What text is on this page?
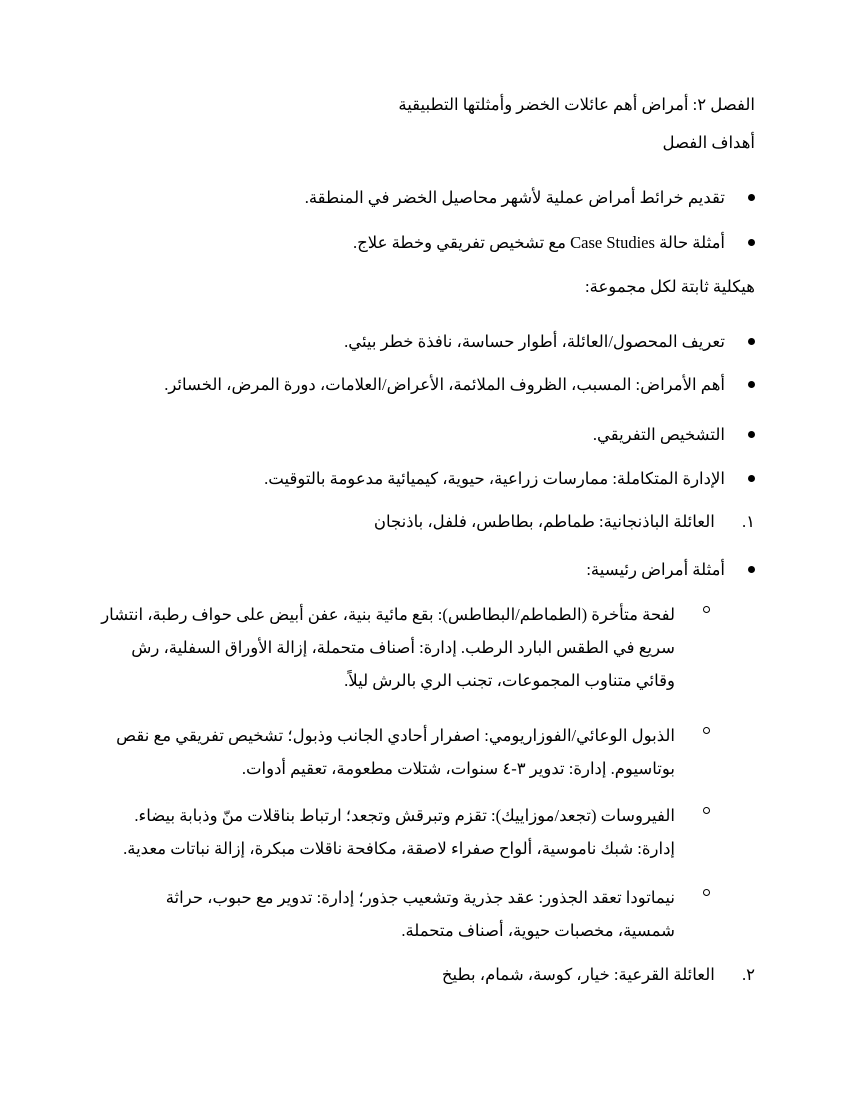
الفصل ٢: أمراض أهم عائلات الخضر وأمثلتها التطبيقية
أهداف الفصل
تقديم خرائط أمراض عملية لأشهر محاصيل الخضر في المنطقة.
أمثلة حالة Case Studies مع تشخيص تفريقي وخطة علاج.
هيكلية ثابتة لكل مجموعة:
تعريف المحصول/العائلة، أطوار حساسة، نافذة خطر بيئي.
أهم الأمراض: المسبب، الظروف الملائمة، الأعراض/العلامات، دورة المرض، الخسائر.
التشخيص التفريقي.
الإدارة المتكاملة: ممارسات زراعية، حيوية، كيميائية مدعومة بالتوقيت.
١. العائلة الباذنجانية: طماطم، بطاطس، فلفل، باذنجان
أمثلة أمراض رئيسية:
لفحة متأخرة (الطماطم/البطاطس): بقع مائية بنية، عفن أبيض على حواف رطبة، انتشار
سريع في الطقس البارد الرطب. إدارة: أصناف متحملة، إزالة الأوراق السفلية، رش
وقائي متناوب المجموعات، تجنب الري بالرش ليلاً.
الذبول الوعائي/الفوزاريومي: اصفرار أحادي الجانب وذبول؛ تشخيص تفريقي مع نقص
بوتاسيوم. إدارة: تدوير ٣-٤ سنوات، شتلات مطعومة، تعقيم أدوات.
الفيروسات (تجعد/موزاييك): تقزم وتبرقش وتجعد؛ ارتباط بناقلات منّ وذبابة بيضاء.
إدارة: شبك ناموسية، ألواح صفراء لاصقة، مكافحة ناقلات مبكرة، إزالة نباتات معدية.
نيماتودا تعقد الجذور: عقد جذرية وتشعيب جذور؛ إدارة: تدوير مع حبوب، حراثة
شمسية، مخصبات حيوية، أصناف متحملة.
٢. العائلة القرعية: خيار، كوسة، شمام، بطيخ
